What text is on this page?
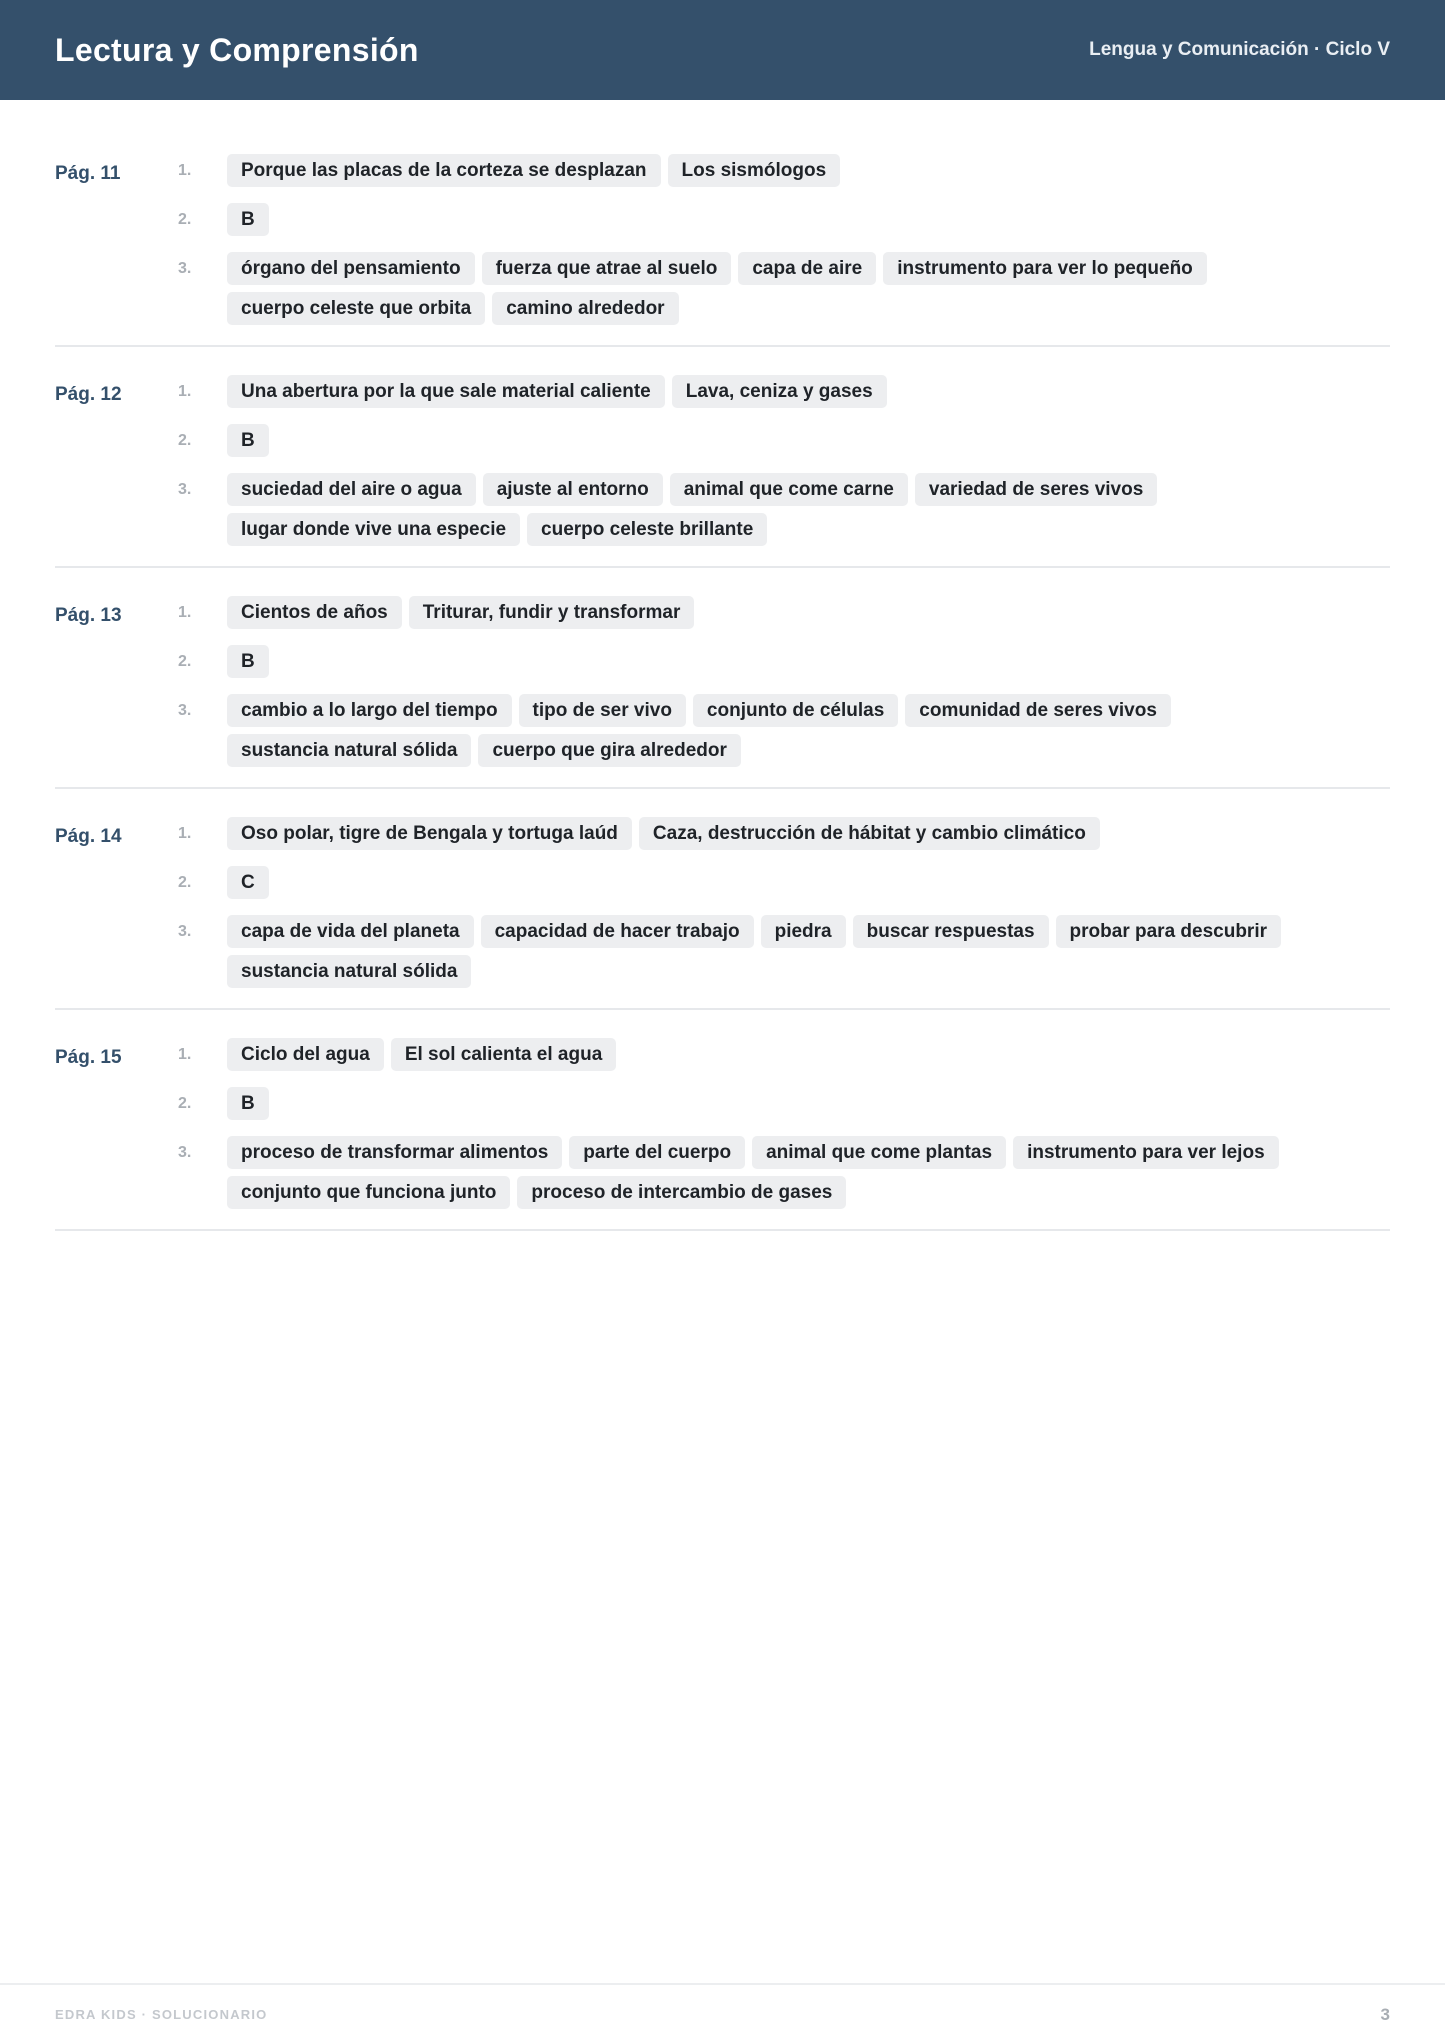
Lectura y Comprensión	Lengua y Comunicación · Ciclo V
Pág. 11	1.	Porque las placas de la corteza se desplazan	Los sismólogos
2.	B
3.	órgano del pensamiento	fuerza que atrae al suelo	capa de aire	instrumento para ver lo pequeño
cuerpo celeste que orbita	camino alrededor
Pág. 12	1.	Una abertura por la que sale material caliente	Lava, ceniza y gases
2.	B
3.	suciedad del aire o agua	ajuste al entorno	animal que come carne	variedad de seres vivos
lugar donde vive una especie	cuerpo celeste brillante
Pág. 13	1.	Cientos de años	Triturar, fundir y transformar
2.	B
3.	cambio a lo largo del tiempo	tipo de ser vivo	conjunto de células	comunidad de seres vivos
sustancia natural sólida	cuerpo que gira alrededor
Pág. 14	1.	Oso polar, tigre de Bengala y tortuga laúd	Caza, destrucción de hábitat y cambio climático
2.	C
3.	capa de vida del planeta	capacidad de hacer trabajo	piedra	buscar respuestas	probar para descubrir
sustancia natural sólida
Pág. 15	1.	Ciclo del agua	El sol calienta el agua
2.	B
3.	proceso de transformar alimentos	parte del cuerpo	animal que come plantas	instrumento para ver lejos
conjunto que funciona junto	proceso de intercambio de gases
EDRA KIDS · SOLUCIONARIO	3
